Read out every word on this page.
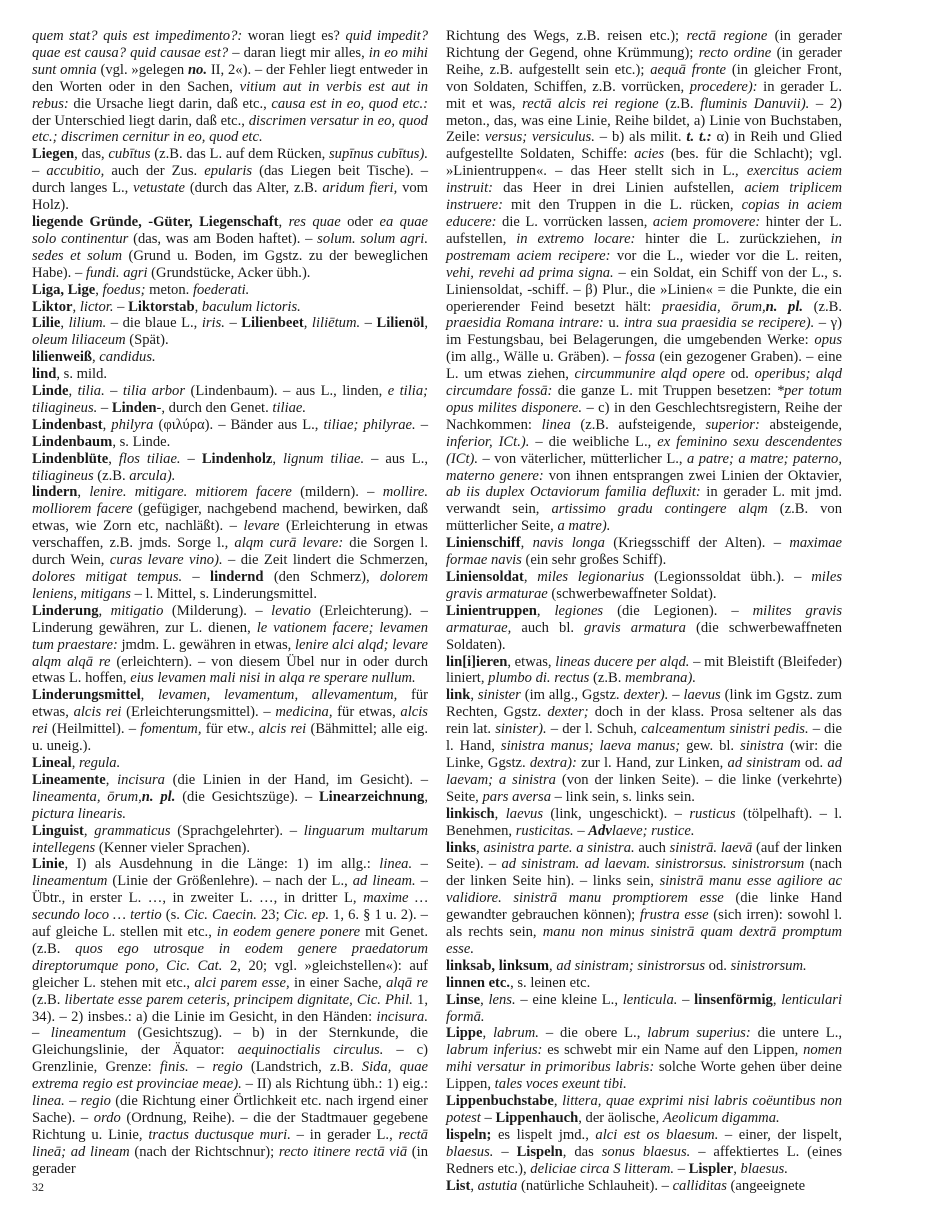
quem stat? quis est impedimento?: woran liegt es? quid impedit? quae est causa? quid causae est? – daran liegt mir alles, in eo mihi sunt omnia (vgl. »gelegen no. II, 2«). – der Fehler liegt entweder in den Worten oder in den Sachen, vitium aut in verbis est aut in rebus: die Ursache liegt darin, daß etc., causa est in eo, quod etc.: der Unterschied liegt darin, daß etc., discrimen versatur in eo, quod etc.; discrimen cernitur in eo, quod etc.

Liegen, das, cubītus (z.B. das L. auf dem Rücken, supīnus cubītus). – accubitio, auch der Zus. epularis (das Liegen beit Tische). – durch langes L., vetustate (durch das Alter, z.B. aridum fieri, vom Holz).

liegende Gründe, -Güter, Liegenschaft, res quae oder ea quae solo continentur (das, was am Boden haftet). – solum. solum agri. sedes et solum (Grund u. Boden, im Ggstz. zu der beweglichen Habe). – fundi. agri (Grundstücke, Acker übh.).

Liga, Lige, foedus; meton. foederati.

Liktor, lictor. – Liktorstab, baculum lictoris.

Lilie, lilium. – die blaue L., iris. – Lilienbeet, liliētum. – Lilienöl, oleum liliaceum (Spät).

lilienweiß, candidus.

lind, s. mild.

Linde, tilia. – tilia arbor (Lindenbaum). – aus L., linden, e tilia; tiliagineus. – Linden-, durch den Genet. tiliae.

Lindenbast, philyra (φιλύρα). – Bänder aus L., tiliae; philyrae. – Lindenbaum, s. Linde.

Lindenblüte, flos tiliae. – Lindenholz, lignum tiliae. – aus L., tiliagineus (z.B. arcula).

lindern, lenire. mitigare. mitiorem facere (mildern). – mollire. molliorem facere (gefügiger, nachgebend machend, bewirken, daß etwas, wie Zorn etc, nachläßt). – levare (Erleichterung in etwas verschaffen, z.B. jmds. Sorge l., alqm curā levare: die Sorgen l. durch Wein, curas levare vino). – die Zeit lindert die Schmerzen, dolores mitigat tempus. – lindernd (den Schmerz), dolorem leniens, mitigans – l. Mittel, s. Linderungsmittel.

Linderung, mitigatio (Milderung). – levatio (Erleichterung). – Linderung gewähren, zur L. dienen, le vationem facere; levamen tum praestare: jmdm. L. gewähren in etwas, lenire alci alqd; levare alqm alqā re (erleichtern). – von diesem Übel nur in oder durch etwas L. hoffen, eius levamen mali nisi in alqa re sperare nullum.

Linderungsmittel, levamen, levamentum, allevamentum, für etwas, alcis rei (Erleichterungsmittel). – medicina, für etwas, alcis rei (Heilmittel). – fomentum, für etw., alcis rei (Bähmittel; alle eig. u. uneig.).

Lineal, regula.

Lineamente, incisura (die Linien in der Hand, im Gesicht). – lineamenta, ōrum,n. pl. (die Gesichtszüge). – Linearzeichnung, pictura linearis.

Linguist, grammaticus (Sprachgelehrter). – linguarum multarum intellegens (Kenner vieler Sprachen).

Linie, I) als Ausdehnung in die Länge: 1) im allg.: linea. – lineamentum (Linie der Größenlehre). – nach der L., ad lineam. – Übtr., in erster L. …, in zweiter L. …, in dritter L, maxime … secundo loco … tertio (s. Cic. Caecin. 23; Cic. ep. 1, 6. § 1 u. 2). – auf gleiche L. stellen mit etc., in eodem genere ponere mit Genet. (z.B. quos ego utrosque in eodem genere praedatorum direptorumque pono, Cic. Cat. 2, 20; vgl. »gleichstellen«): auf gleicher L. stehen mit etc., alci parem esse, in einer Sache, alqā re (z.B. libertate esse parem ceteris, principem dignitate, Cic. Phil. 1, 34). – 2) insbes.: a) die Linie im Gesicht, in den Händen: incisura. – lineamentum (Gesichtszug). – b) in der Sternkunde, die Gleichungslinie, der Äquator: aequinoctialis circulus. – c) Grenzlinie, Grenze: finis. – regio (Landstrich, z.B. Sida, quae extrema regio est provinciae meae). – II) als Richtung übh.: 1) eig.: linea. – regio (die Richtung einer Örtlichkeit etc. nach irgend einer Sache). – ordo (Ordnung, Reihe). – die der Stadtmauer gegebene Richtung u. Linie, tractus ductusque muri. – in gerader L., rectā lineā; ad lineam (nach der Richtschnur); recto itinere rectā viā (in gerader

Richtung des Wegs, z.B. reisen etc.); rectā regione (in gerader Richtung der Gegend, ohne Krümmung); recto ordine (in gerader Reihe, z.B. aufgestellt sein etc.); aequā fronte (in gleicher Front, von Soldaten, Schiffen, z.B. vorrücken, procedere): in gerader L. mit et was, rectā alcis rei regione (z.B. fluminis Danuvii). – 2) meton., das, was eine Linie, Reihe bildet, a) Linie von Buchstaben, Zeile: versus; versiculus. – b) als milit. t. t.: α) in Reih und Glied aufgestellte Soldaten, Schiffe: acies (bes. für die Schlacht); vgl. »Linientruppen«. – das Heer stellt sich in L., exercitus aciem instruit: das Heer in drei Linien aufstellen, aciem triplicem instruere: mit den Truppen in die L. rücken, copias in aciem educere: die L. vorrücken lassen, aciem promovere: hinter der L. aufstellen, in extremo locare: hinter die L. zurückziehen, in postremam aciem recipere: vor die L., wieder vor die L. reiten, vehi, revehi ad prima signa. – ein Soldat, ein Schiff von der L., s. Liniensoldat, -schiff. – β) Plur., die »Linien« = die Punkte, die ein operierender Feind besetzt hält: praesidia, ōrum,n. pl. (z.B. praesidia Romana intrare: u. intra sua praesidia se recipere). – γ) im Festungsbau, bei Belagerungen, die umgebenden Werke: opus (im allg., Wälle u. Gräben). – fossa (ein gezogener Graben). – eine L. um etwas ziehen, circummunire alqd opere od. operibus; alqd circumdare fossā: die ganze L. mit Truppen besetzen: *per totum opus milites disponere. – c) in den Geschlechtsregistern, Reihe der Nachkommen: linea (z.B. aufsteigende, superior: absteigende, inferior, ICt.). – die weibliche L., ex feminino sexu descendentes (ICt). – von väterlicher, mütterlicher L., a patre; a matre; paterno, materno genere: von ihnen entsprangen zwei Linien der Oktavier, ab iis duplex Octaviorum familia defluxit: in gerader L. mit jmd. verwandt sein, artissimo gradu contingere alqm (z.B. von mütterlicher Seite, a matre).

Linienschiff, navis longa (Kriegsschiff der Alten). – maximae formae navis (ein sehr großes Schiff).

Liniensoldat, miles legionarius (Legionssoldat übh.). – miles gravis armaturae (schwerbewaffneter Soldat).

Linientruppen, legiones (die Legionen). – milites gravis armaturae, auch bl. gravis armatura (die schwerbewaffneten Soldaten).

lin[i]ieren, etwas, lineas ducere per alqd. – mit Bleistift (Bleifeder) liniert, plumbo di. rectus (z.B. membrana).

link, sinister (im allg., Ggstz. dexter). – laevus (link im Ggstz. zum Rechten, Ggstz. dexter; doch in der klass. Prosa seltener als das rein lat. sinister). – der l. Schuh, calceamentum sinistri pedis. – die l. Hand, sinistra manus; laeva manus; gew. bl. sinistra (wir: die Linke, Ggstz. dextra): zur l. Hand, zur Linken, ad sinistram od. ad laevam; a sinistra (von der linken Seite). – die linke (verkehrte) Seite, pars aversa – link sein, s. links sein.

linkisch, laevus (link, ungeschickt). – rusticus (tölpelhaft). – l. Benehmen, rusticitas. – Advlaeve; rustice.

links, asinistra parte. a sinistra. auch sinistrā. laevā (auf der linken Seite). – ad sinistram. ad laevam. sinistrorsus. sinistrorsum (nach der linken Seite hin). – links sein, sinistrā manu esse agiliore ac validiore. sinistrā manu promptiorem esse (die linke Hand gewandter gebrauchen können); frustra esse (sich irren): sowohl l. als rechts sein, manu non minus sinistrā quam dextrā promptum esse.

linksab, linksum, ad sinistram; sinistrorsus od. sinistrorsum.

linnen etc., s. leinen etc.

Linse, lens. – eine kleine L., lenticula. – linsenförmig, lenticulari formā.

Lippe, labrum. – die obere L., labrum superius: die untere L., labrum inferius: es schwebt mir ein Name auf den Lippen, nomen mihi versatur in primoribus labris: solche Worte gehen über deine Lippen, tales voces exeunt tibi.

Lippenbuchstabe, littera, quae exprimi nisi labris coëuntibus non potest – Lippenhauch, der äolische, Aeolicum digamma.

lispeln; es lispelt jmd., alci est os blaesum. – einer, der lispelt, blaesus. – Lispeln, das sonus blaesus. – affektiertes L. (eines Redners etc.), deliciae circa S litteram. – Lispler, blaesus.

List, astutia (natürliche Schlauheit). – calliditas (angeeignete

32
